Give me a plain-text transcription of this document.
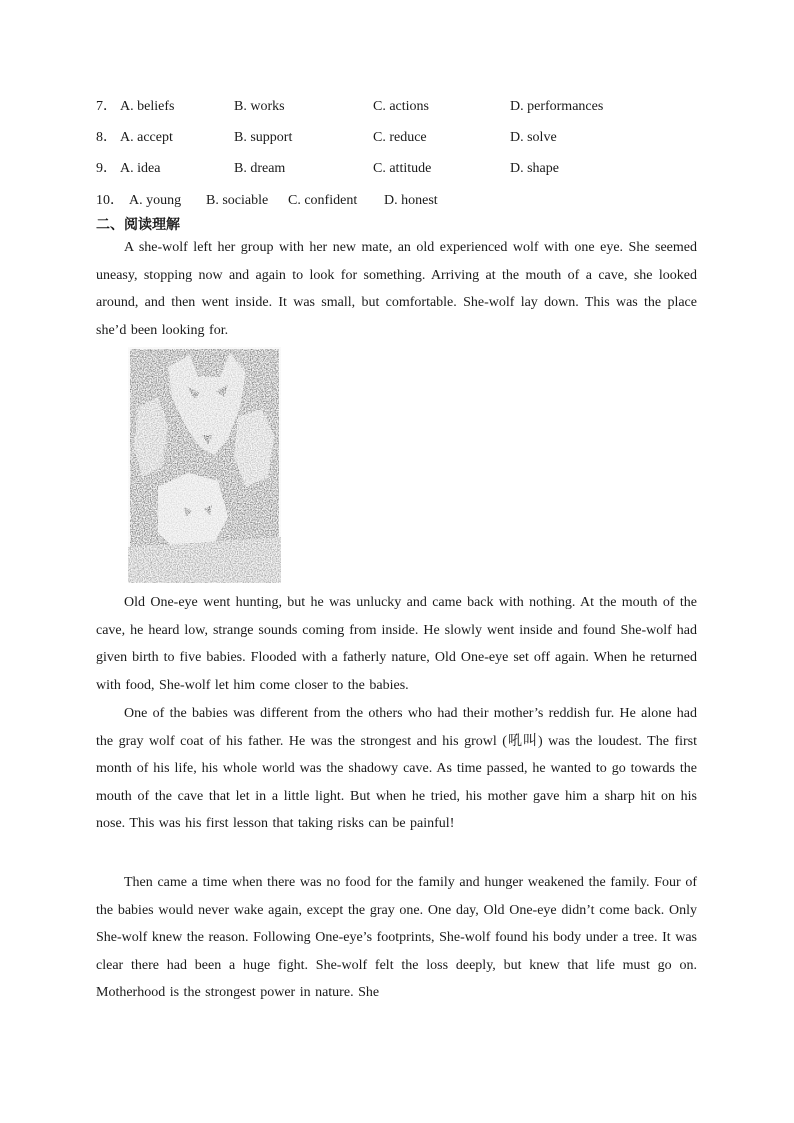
7． A. beliefs	B. works	C. actions	D. performances
8． A. accept	B. support	C. reduce	D. solve
9． A. idea	B. dream	C. attitude	D. shape
10． A. young B. sociable C. confident D. honest
二、阅读理解

A she-wolf left her group with her new mate, an old experienced wolf with one eye. She seemed uneasy, stopping now and again to look for something. Arriving at the mouth of a cave, she looked around, and then went inside. It was small, but comfortable. She-wolf lay down. This was the place she’d been looking for.

Old One-eye went hunting, but he was unlucky and came back with nothing. At the mouth of the cave, he heard low, strange sounds coming from inside. He slowly went inside and found She-wolf had given birth to five babies. Flooded with a fatherly nature, Old One-eye set off again. When he returned with food, She-wolf let him come closer to the babies.

One of the babies was different from the others who had their mother’s reddish fur. He alone had the gray wolf coat of his father. He was the strongest and his growl (吼叫) was the loudest. The first month of his life, his whole world was the shadowy cave. As time passed, he wanted to go towards the mouth of the cave that let in a little light. But when he tried, his mother gave him a sharp hit on his nose. This was his first lesson that taking risks can be painful!

Then came a time when there was no food for the family and hunger weakened the family. Four of the babies would never wake again, except the gray one. One day, Old One-eye didn’t come back. Only She-wolf knew the reason. Following One-eye’s footprints, She-wolf found his body under a tree. It was clear there had been a huge fight. She-wolf felt the loss deeply, but knew that life must go on. Motherhood is the strongest power in nature. She
